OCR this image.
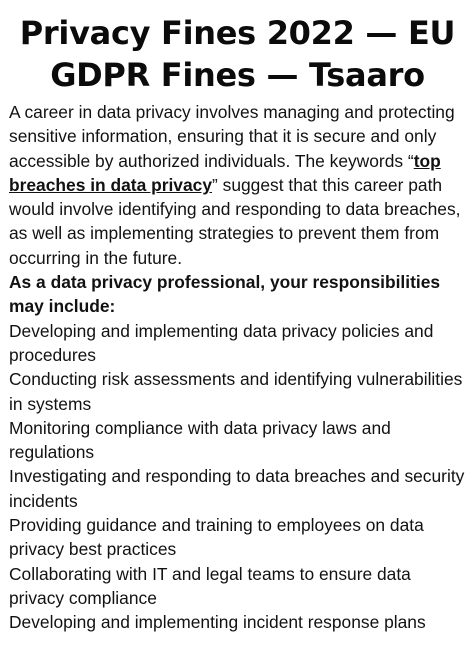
Privacy Fines 2022 — EU
GDPR Fines — Tsaaro

A career in data privacy involves managing and protecting sensitive information, ensuring that it is secure and only accessible by authorized individuals. The keywords “top breaches in data privacy” suggest that this career path would involve identifying and responding to data breaches, as well as implementing strategies to prevent them from occurring in the future.

As a data privacy professional, your responsibilities may include:

Developing and implementing data privacy policies and procedures
Conducting risk assessments and identifying vulnerabilities in systems
Monitoring compliance with data privacy laws and regulations
Investigating and responding to data breaches and security incidents
Providing guidance and training to employees on data privacy best practices
Collaborating with IT and legal teams to ensure data privacy compliance
Developing and implementing incident response plans
